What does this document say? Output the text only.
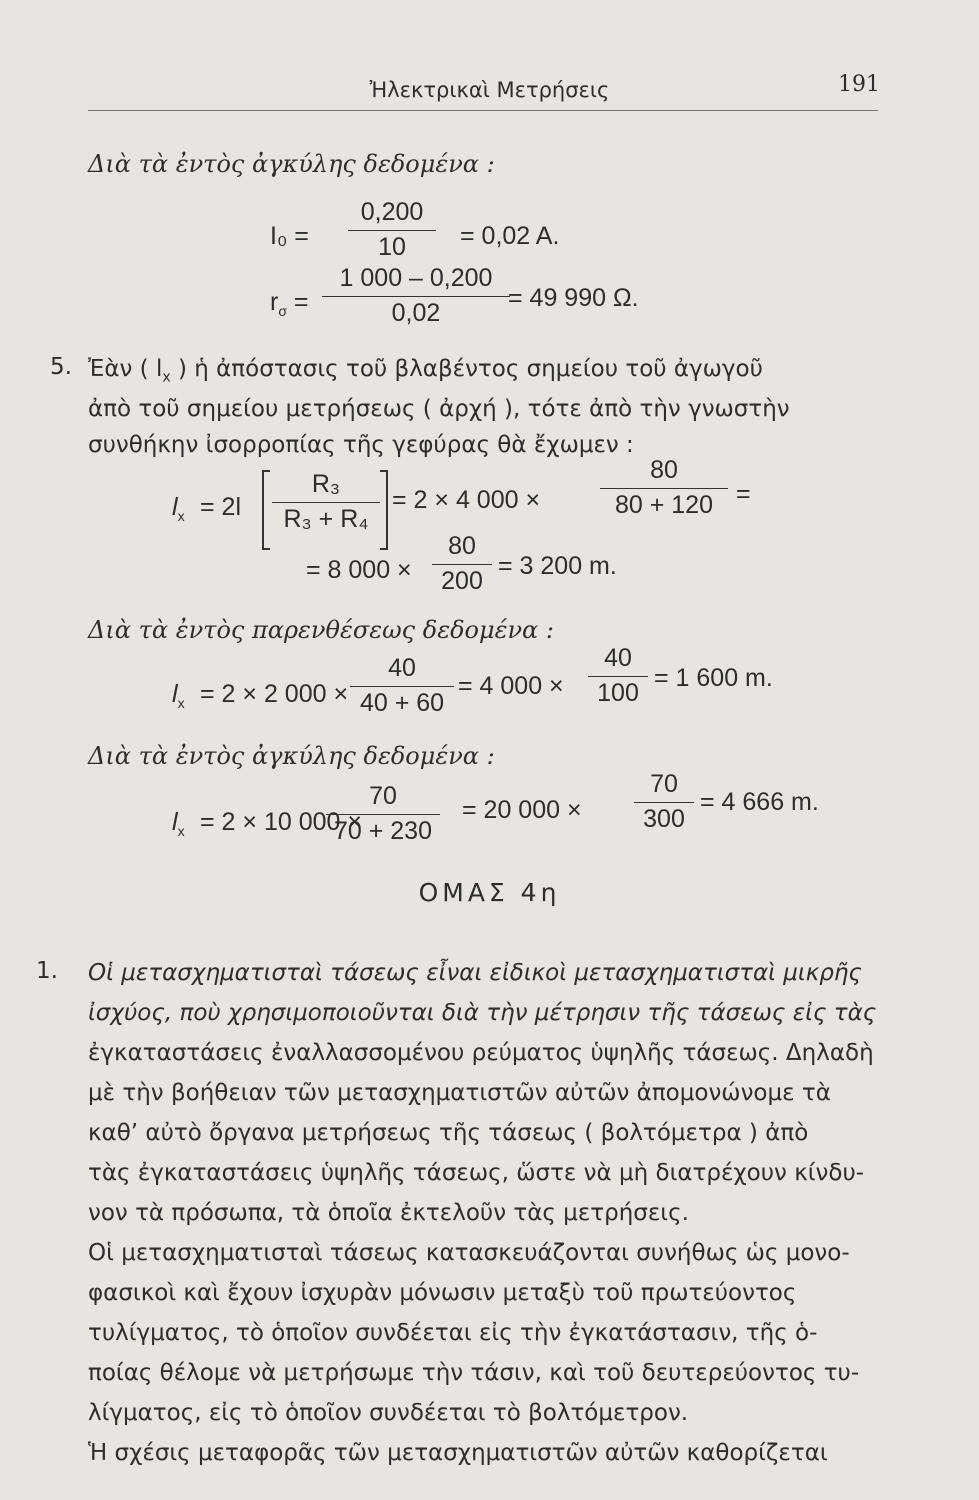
Ἠλεκτρικαὶ Μετρήσεις	191
Διὰ τὰ ἐντὸς ἀγκύλης δεδομένα :
$I_0 = \frac{0,200}{10} = 0,02$ A.
$r_\sigma = \frac{1 000 - 0,200}{0,02}$
= 49 990 Ω.
5. Ἐὰν ( $l_x$ ) ἡ ἀπόστασις τοῦ βλαβέντος σημείου τοῦ ἀγωγοῦ
ἀπὸ τοῦ σημείου μετρήσεως ( ἀρχή ), τότε ἀπὸ τὴν γνωστὴν
συνθήκην ἰσορροπίας τῆς γεφύρας θὰ ἔχωμεν :
$l_x = 2l \frac{\text{R₃}}{\text{R₃ + R₄}} = 2 \times 4$ $000 \times \frac{80}{80 + 120}$ =
= 8 $000 \times \frac{80}{200} = 3$ 200 m.
Διὰ τὰ ἐντὸς παρενθέσεως δεδομένα :
$l_x = 2 \times 2$ $000 \times \frac{40}{40 + 60} = 4$ $000 \times \frac{40}{100} = 1$ 600 m.
Διὰ τὰ ἐντὸς ἀγκύλης δεδομένα :
$l_x = 2 \times 10$ 000 ×
$\frac{70}{70 + 230} = 20$ $000 \times \frac{70}{300} = 4$ 666 m.
ΟΜΑΣ 4η
1. Οἱ μετασχηματισταὶ τάσεως εἶναι εἰδικοὶ μετασχηματισταὶ μικρῆς
ἰσχύος, ποὺ χρησιμοποιοῦνται διὰ τὴν μέτρησιν τῆς τάσεως εἰς τὰς
ἐγκαταστάσεις ἐναλλασσομένου ρεύματος ὑψηλῆς τάσεως. Δηλαδὴ
μὲ τὴν βοήθειαν τῶν μετασχηματιστῶν αὐτῶν ἀπομονώνομε τὰ
καθ’ αὐτὸ ὄργανα μετρήσεως τῆς τάσεως ( βολτόμετρα ) ἀπὸ
τὰς ἐγκαταστάσεις ὑψηλῆς τάσεως, ὥστε νὰ μὴ διατρέχουν κίνδυ-
νον τὰ πρόσωπα, τὰ ὁποῖα ἐκτελοῦν τὰς μετρήσεις.
Οἱ μετασχηματισταὶ τάσεως κατασκευάζονται συνήθως ὡς μονο-
φασικοὶ καὶ ἔχουν ἰσχυρὰν μόνωσιν μεταξὺ τοῦ πρωτεύοντος
τυλίγματος, τὸ ὁποῖον συνδέεται εἰς τὴν ἐγκατάστασιν, τῆς ὁ-
ποίας θέλομε νὰ μετρήσωμε τὴν τάσιν, καὶ τοῦ δευτερεύοντος τυ-
λίγματος, εἰς τὸ ὁποῖον συνδέεται τὸ βολτόμετρον.
Ἡ σχέσις μεταφορᾶς τῶν μετασχηματιστῶν αὐτῶν καθορίζεται
